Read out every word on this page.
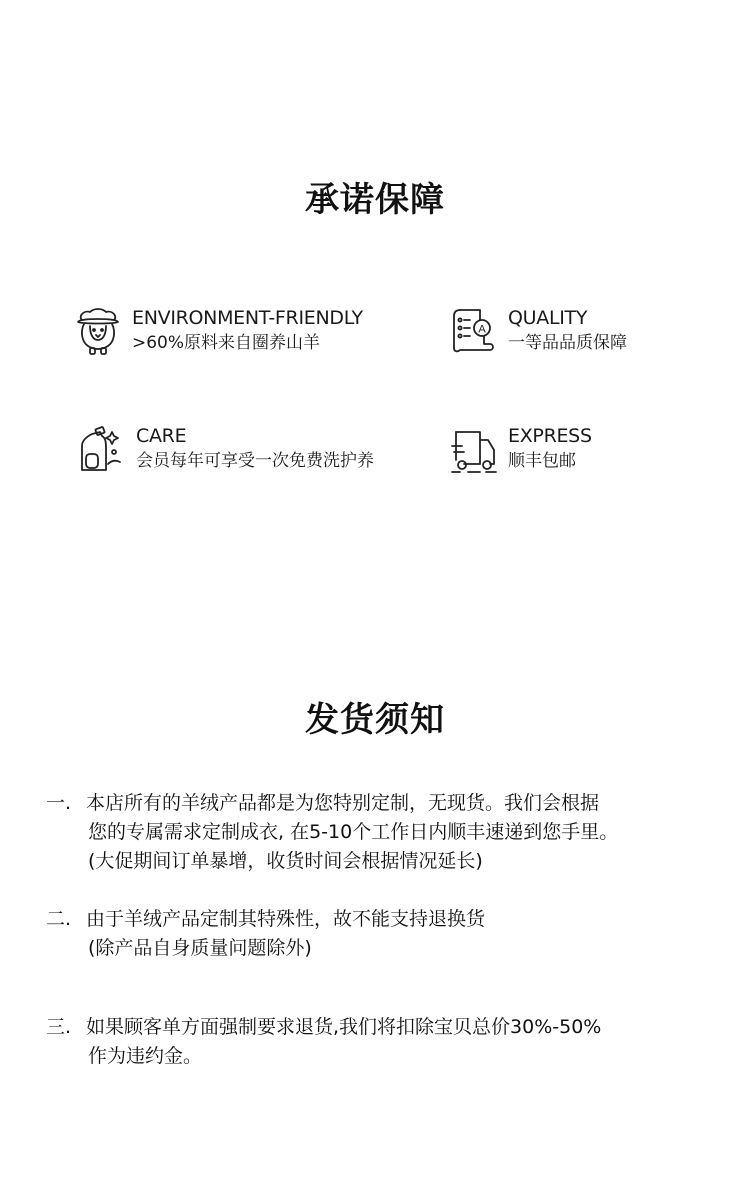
承诺保障
ENVIRONMENT-FRIENDLY
>60%原料来自圈养山羊
A
QUALITY
一等品品质保障
CARE
会员每年可享受一次免费洗护养
EXPRESS
顺丰包邮
发货须知
一. 本店所有的羊绒产品都是为您特别定制，无现货。我们会根据
您的专属需求定制成衣, 在5-10个工作日内顺丰速递到您手里。
(大促期间订单暴增，收货时间会根据情况延长)
二. 由于羊绒产品定制其特殊性，故不能支持退换货
(除产品自身质量问题除外)
三. 如果顾客单方面强制要求退货,我们将扣除宝贝总价30%-50%
作为违约金。
